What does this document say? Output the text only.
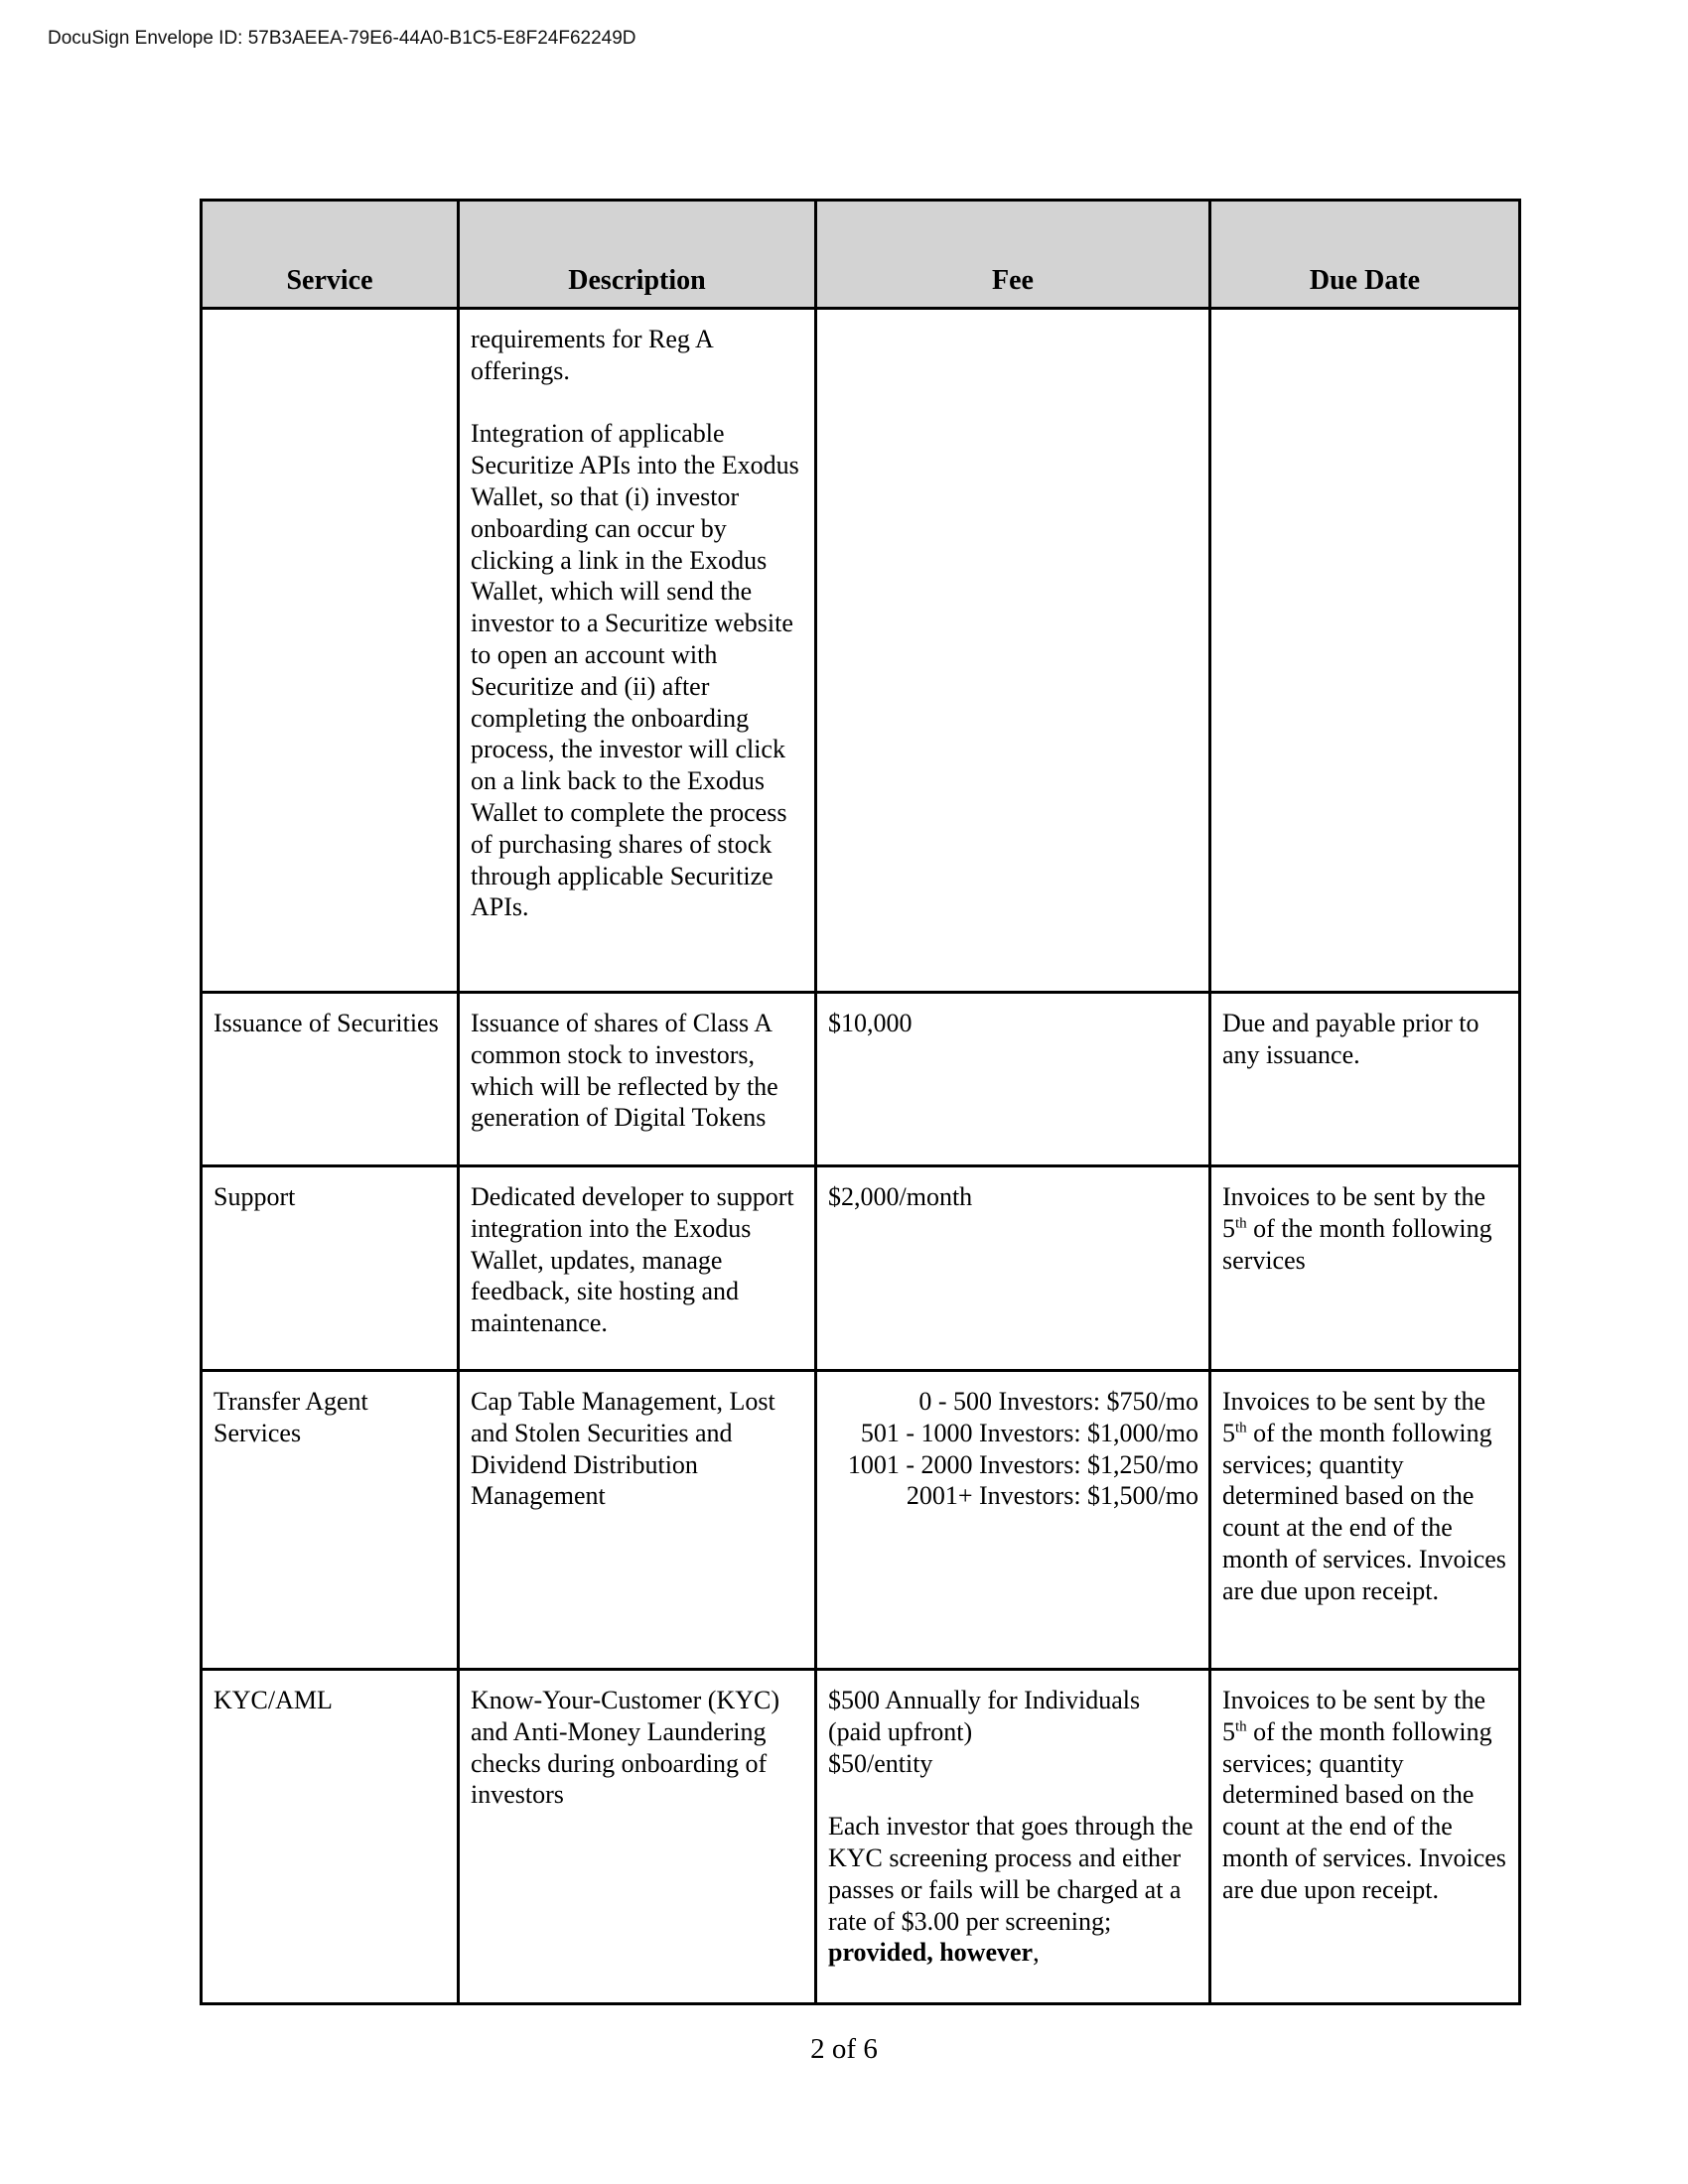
DocuSign Envelope ID: 57B3AEEA-79E6-44A0-B1C5-E8F24F62249D
Service	Description	Fee	Due Date

	requirements for Reg A offerings.

Integration of applicable Securitize APIs into the Exodus Wallet, so that (i) investor onboarding can occur by clicking a link in the Exodus Wallet, which will send the investor to a Securitize website to open an account with Securitize and (ii) after completing the onboarding process, the investor will click on a link back to the Exodus Wallet to complete the process of purchasing shares of stock through applicable Securitize APIs.		

Issuance of Securities	Issuance of shares of Class A common stock to investors, which will be reflected by the generation of Digital Tokens	$10,000	Due and payable prior to any issuance.
Support	Dedicated developer to support integration into the Exodus Wallet, updates, manage feedback, site hosting and maintenance.	$2,000/month	Invoices to be sent by the 5th of the month following services
Transfer Agent Services	Cap Table Management, Lost and Stolen Securities and Dividend Distribution Management	0 - 500 Investors: $750/mo
501 - 1000 Investors: $1,000/mo
1001 - 2000 Investors: $1,250/mo
2001+ Investors: $1,500/mo	Invoices to be sent by the 5th of the month following services; quantity determined based on the count at the end of the month of services. Invoices are due upon receipt.
KYC/AML	Know-Your-Customer (KYC) and Anti-Money Laundering checks during onboarding of investors	$500 Annually for Individuals (paid upfront)
$50/entity

Each investor that goes through the KYC screening process and either passes or fails will be charged at a rate of $3.00 per screening; provided, however,	Invoices to be sent by the 5th of the month following services; quantity determined based on the count at the end of the month of services. Invoices are due upon receipt.
2 of 6
